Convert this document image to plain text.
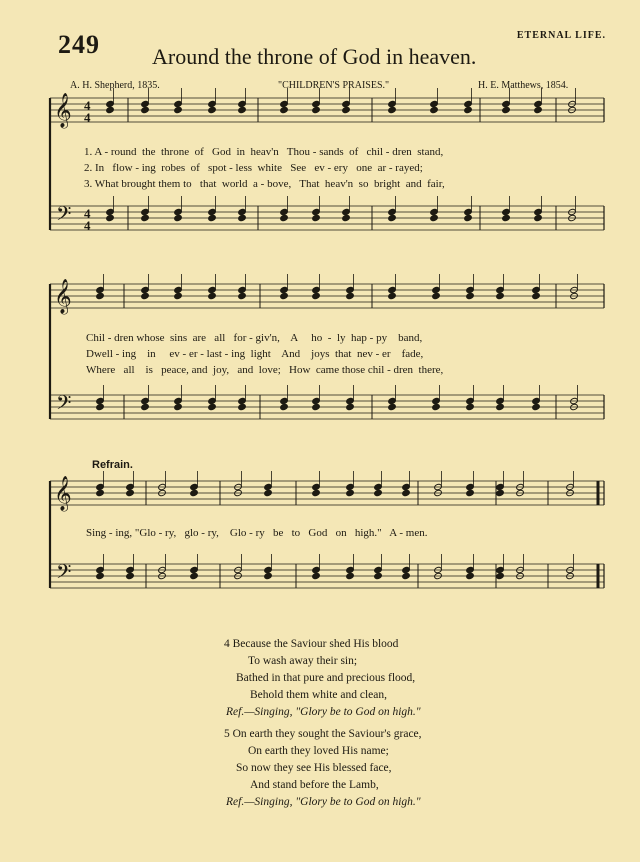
249	ETERNAL LIFE.
Around the throne of God in heaven.
A. H. Shepherd, 1835.	"CHILDREN'S PRAISES."	H. E. Matthews, 1854.
𝄞
𝄢
4
4
4
4
𝄞
𝄢
𝄞
𝄢
1. A - round  the  throne  of   God  in  heav'n   Thou - sands  of   chil - dren  stand,
2. In   flow - ing  robes  of   spot - less  white   See   ev - ery   one  ar - rayed;
3. What brought them to   that  world  a - bove,   That  heav'n  so  bright  and  fair,
Chil - dren whose  sins  are   all   for - giv'n,    A     ho  -  ly  hap - py    band,
Dwell - ing    in     ev - er - last - ing  light    And    joys  that  nev - er    fade,
Where   all    is   peace, and  joy,   and  love;   How  came those chil - dren  there,
Refrain.
Sing - ing, "Glo - ry,   glo - ry,    Glo - ry   be   to   God   on   high."   A - men.
4 Because the Saviour shed His blood
To wash away their sin;
Bathed in that pure and precious flood,
Behold them white and clean,
Ref.—Singing, "Glory be to God on high."
5 On earth they sought the Saviour's grace,
On earth they loved His name;
So now they see His blessed face,
And stand before the Lamb,
Ref.—Singing, "Glory be to God on high."
